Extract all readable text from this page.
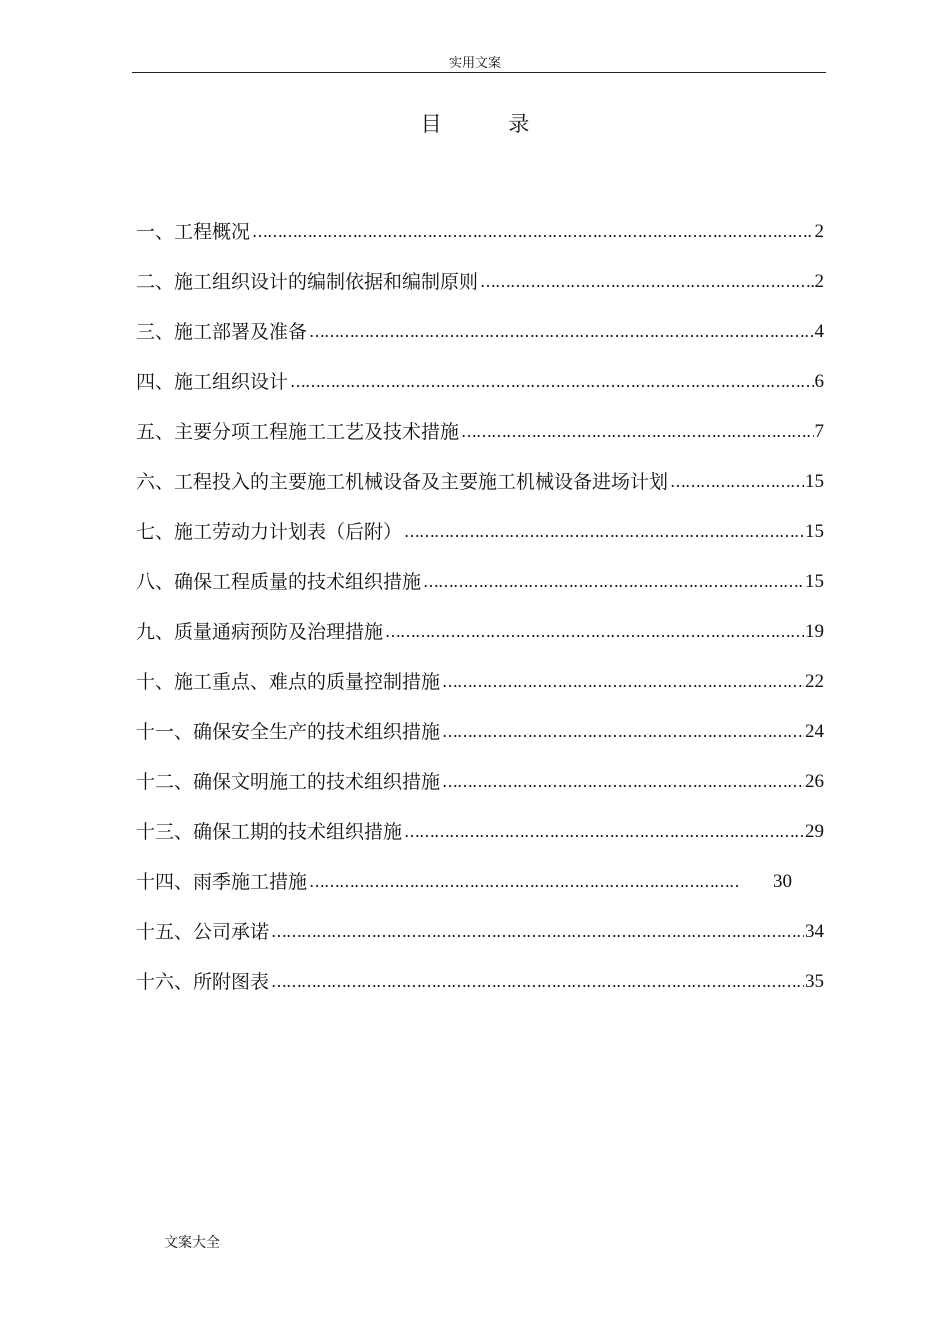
实用文案
目 录
一、工程概况 ……………………………………………………………………………………………………………………………………………………………………	2
二、施工组织设计的编制依据和编制原则 ……………………………………………………………………………………………………………………………………………………………………	2
三、施工部署及准备 ……………………………………………………………………………………………………………………………………………………………………	4
四、施工组织设计 ……………………………………………………………………………………………………………………………………………………………………	6
五、主要分项工程施工工艺及技术措施 ……………………………………………………………………………………………………………………………………………………………………	7
六、工程投入的主要施工机械设备及主要施工机械设备进场计划 ……………………………………………………………………………………………………………………………………………………………………	15
七、施工劳动力计划表（后附） ……………………………………………………………………………………………………………………………………………………………………	15
八、确保工程质量的技术组织措施 ……………………………………………………………………………………………………………………………………………………………………	15
九、质量通病预防及治理措施 ……………………………………………………………………………………………………………………………………………………………………	19
十、施工重点、难点的质量控制措施 ……………………………………………………………………………………………………………………………………………………………………	22
十一、确保安全生产的技术组织措施 ……………………………………………………………………………………………………………………………………………………………………	24
十二、确保文明施工的技术组织措施 ……………………………………………………………………………………………………………………………………………………………………	26
十三、确保工期的技术组织措施 ……………………………………………………………………………………………………………………………………………………………………	29
十四、雨季施工措施 ……………………………………………………………………………………………………………………………………………………………………	30
十五、公司承诺 ……………………………………………………………………………………………………………………………………………………………………	34
十六、所附图表 ……………………………………………………………………………………………………………………………………………………………………	35
文案大全
